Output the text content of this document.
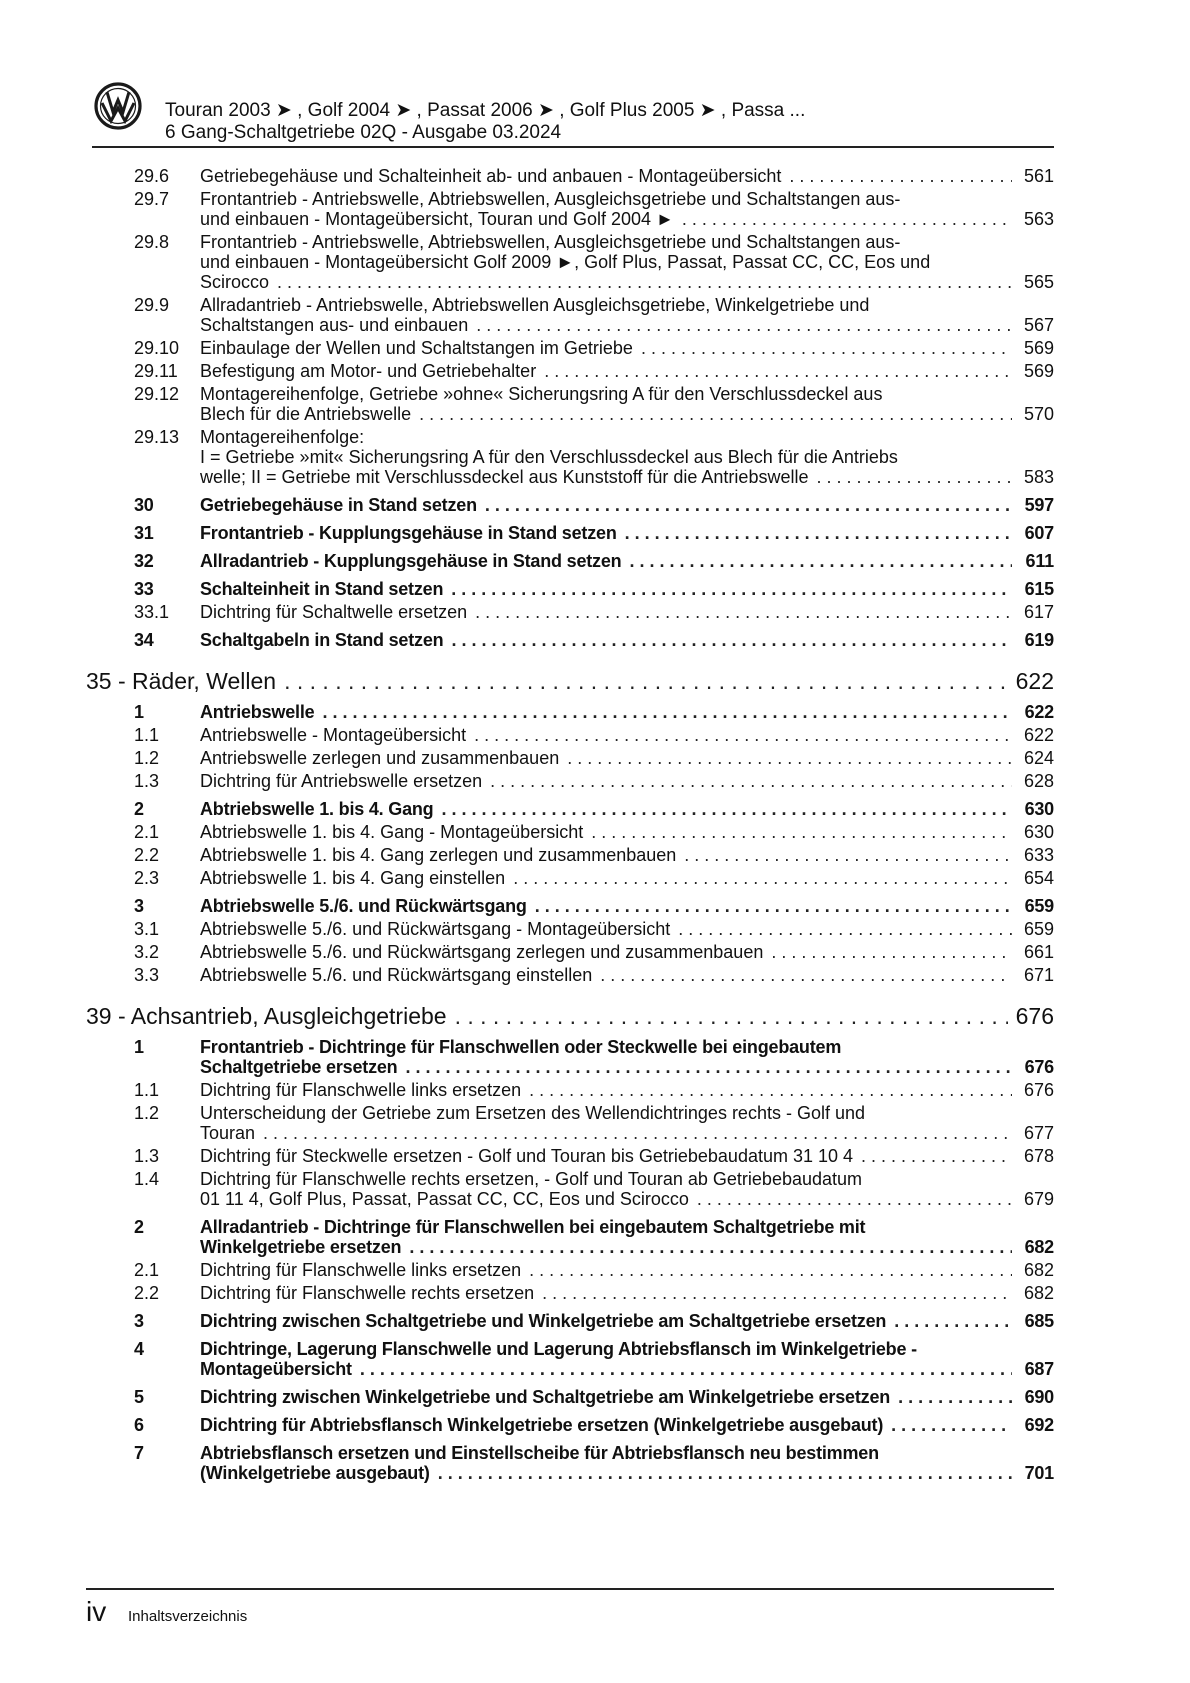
Touran 2003 ➤ , Golf 2004 ➤ , Passat 2006 ➤ , Golf Plus 2005 ➤ , Passa ...
6 Gang-Schaltgetriebe 02Q - Ausgabe 03.2024
29.6 Getriebegehäuse und Schalteinheit ab- und anbauen - Montageübersicht . . .	561
29.7 Frontantrieb - Antriebswelle, Abtriebswellen, Ausgleichsgetriebe und Schaltstangen aus-
und einbauen - Montageübersicht, Touran und Golf 2004 ► . . .	563
29.8 Frontantrieb - Antriebswelle, Abtriebswellen, Ausgleichsgetriebe und Schaltstangen aus-
und einbauen - Montageübersicht Golf 2009 ►, Golf Plus, Passat, Passat CC, CC, Eos und
Scirocco . . .	565
29.9 Allradantrieb - Antriebswelle, Abtriebswellen Ausgleichsgetriebe, Winkelgetriebe und
Schaltstangen aus- und einbauen . . .	567
29.10 Einbaulage der Wellen und Schaltstangen im Getriebe . . .	569
29.11 Befestigung am Motor- und Getriebehalter . . .	569
29.12 Montagereihenfolge, Getriebe »ohne« Sicherungsring A für den Verschlussdeckel aus
Blech für die Antriebswelle . . .	570
29.13 Montagereihenfolge:
I = Getriebe »mit« Sicherungsring A für den Verschlussdeckel aus Blech für die Antriebs
welle; II = Getriebe mit Verschlussdeckel aus Kunststoff für die Antriebswelle . . .	583
30	Getriebegehäuse in Stand setzen . . .	597
31	Frontantrieb - Kupplungsgehäuse in Stand setzen . . .	607
32	Allradantrieb - Kupplungsgehäuse in Stand setzen . . .	611
33	Schalteinheit in Stand setzen . . .	615
33.1 Dichtring für Schaltwelle ersetzen . . .	617
34	Schaltgabeln in Stand setzen . . .	619
35 - Räder, Wellen . . .	622
1	Antriebswelle . . .	622
1.1 Antriebswelle - Montageübersicht . . .	622
1.2 Antriebswelle zerlegen und zusammenbauen . . .	624
1.3 Dichtring für Antriebswelle ersetzen . . .	628
2	Abtriebswelle 1. bis 4. Gang . . .	630
2.1 Abtriebswelle 1. bis 4. Gang - Montageübersicht . . .	630
2.2 Abtriebswelle 1. bis 4. Gang zerlegen und zusammenbauen . . .	633
2.3 Abtriebswelle 1. bis 4. Gang einstellen . . .	654
3	Abtriebswelle 5./6. und Rückwärtsgang . . .	659
3.1 Abtriebswelle 5./6. und Rückwärtsgang - Montageübersicht . . .	659
3.2 Abtriebswelle 5./6. und Rückwärtsgang zerlegen und zusammenbauen . . .	661
3.3 Abtriebswelle 5./6. und Rückwärtsgang einstellen . . .	671
39 - Achsantrieb, Ausgleichgetriebe . . .	676
1	Frontantrieb - Dichtringe für Flanschwellen oder Steckwelle bei eingebautem
Schaltgetriebe ersetzen . . .	676
1.1 Dichtring für Flanschwelle links ersetzen . . .	676
1.2 Unterscheidung der Getriebe zum Ersetzen des Wellendichtringes rechts - Golf und
Touran . . .	677
1.3 Dichtring für Steckwelle ersetzen - Golf und Touran bis Getriebebaudatum 31 10 4 . . .	678
1.4 Dichtring für Flanschwelle rechts ersetzen, - Golf und Touran ab Getriebebaudatum
01 11 4, Golf Plus, Passat, Passat CC, CC, Eos und Scirocco . . .	679
2	Allradantrieb - Dichtringe für Flanschwellen bei eingebautem Schaltgetriebe mit
Winkelgetriebe ersetzen . . .	682
2.1 Dichtring für Flanschwelle links ersetzen . . .	682
2.2 Dichtring für Flanschwelle rechts ersetzen . . .	682
3	Dichtring zwischen Schaltgetriebe und Winkelgetriebe am Schaltgetriebe ersetzen . . .	685
4	Dichtringe, Lagerung Flanschwelle und Lagerung Abtriebsflansch im Winkelgetriebe -
Montageübersicht . . .	687
5	Dichtring zwischen Winkelgetriebe und Schaltgetriebe am Winkelgetriebe ersetzen . . .	690
6	Dichtring für Abtriebsflansch Winkelgetriebe ersetzen (Winkelgetriebe ausgebaut) . . .	692
7	Abtriebsflansch ersetzen und Einstellscheibe für Abtriebsflansch neu bestimmen
(Winkelgetriebe ausgebaut) . . .	701
iv Inhaltsverzeichnis
